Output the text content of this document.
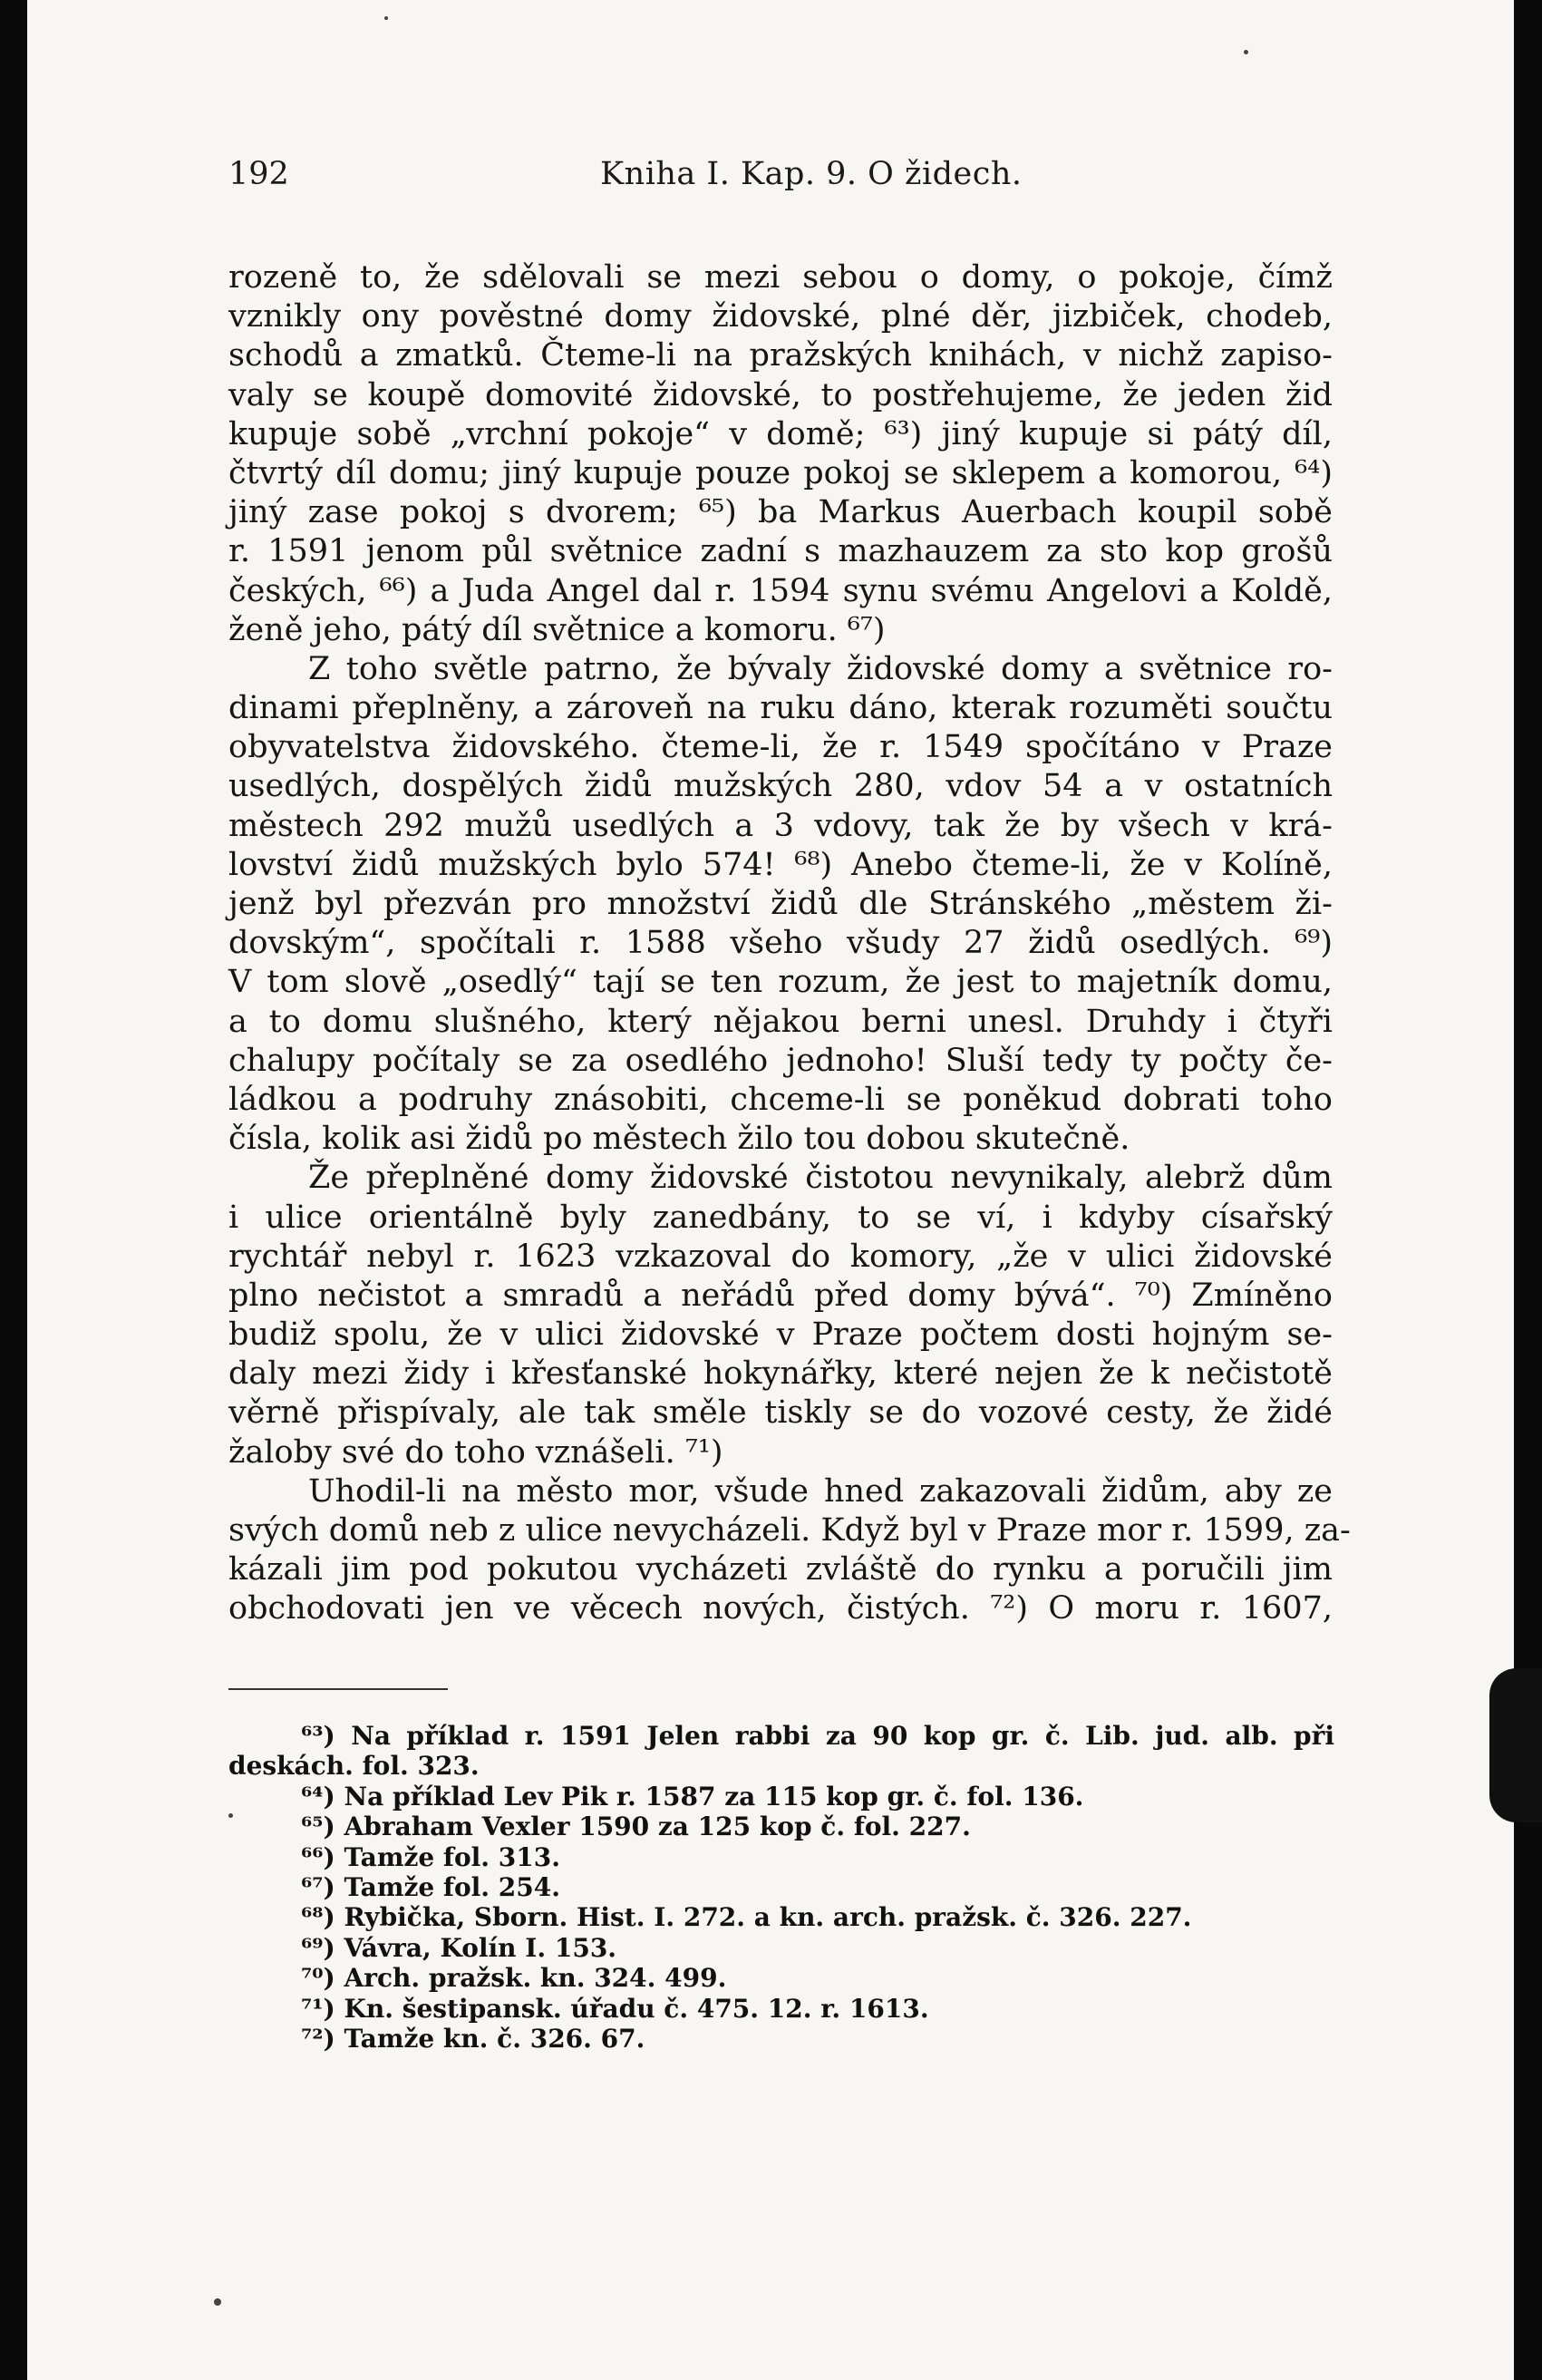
192	Kniha I. Kap. 9. O židech.
rozeně to, že sdělovali se mezi sebou o domy, o pokoje, čímž
vznikly ony pověstné domy židovské, plné děr, jizbiček, chodeb,
schodů a zmatků. Čteme-li na pražských knihách, v nichž zapiso-
valy se koupě domovité židovské, to postřehujeme, že jeden žid
kupuje sobě „vrchní pokoje“ v domě; ⁶³) jiný kupuje si pátý díl,
čtvrtý díl domu; jiný kupuje pouze pokoj se sklepem a komorou, ⁶⁴)
jiný zase pokoj s dvorem; ⁶⁵) ba Markus Auerbach koupil sobě
r. 1591 jenom půl světnice zadní s mazhauzem za sto kop grošů
českých, ⁶⁶) a Juda Angel dal r. 1594 synu svému Angelovi a Koldě,
ženě jeho, pátý díl světnice a komoru. ⁶⁷)
Z toho světle patrno, že bývaly židovské domy a světnice ro-
dinami přeplněny, a zároveň na ruku dáno, kterak rozuměti součtu
obyvatelstva židovského. čteme-li, že r. 1549 spočítáno v Praze
usedlých, dospělých židů mužských 280, vdov 54 a v ostatních
městech 292 mužů usedlých a 3 vdovy, tak že by všech v krá-
lovství židů mužských bylo 574! ⁶⁸) Anebo čteme-li, že v Kolíně,
jenž byl přezván pro množství židů dle Stránského „městem ži-
dovským“, spočítali r. 1588 všeho všudy 27 židů osedlých. ⁶⁹)
V tom slově „osedlý“ tají se ten rozum, že jest to majetník domu,
a to domu slušného, který nějakou berni unesl. Druhdy i čtyři
chalupy počítaly se za osedlého jednoho! Sluší tedy ty počty če-
ládkou a podruhy znásobiti, chceme-li se poněkud dobrati toho
čísla, kolik asi židů po městech žilo tou dobou skutečně.
Že přeplněné domy židovské čistotou nevynikaly, alebrž dům
i ulice orientálně byly zanedbány, to se ví, i kdyby císařský
rychtář nebyl r. 1623 vzkazoval do komory, „že v ulici židovské
plno nečistot a smradů a neřádů před domy bývá“. ⁷⁰) Zmíněno
budiž spolu, že v ulici židovské v Praze počtem dosti hojným se-
daly mezi židy i křesťanské hokynářky, které nejen že k nečistotě
věrně přispívaly, ale tak směle tiskly se do vozové cesty, že židé
žaloby své do toho vznášeli. ⁷¹)
Uhodil-li na město mor, všude hned zakazovali židům, aby ze
svých domů neb z ulice nevycházeli. Když byl v Praze mor r. 1599, za-
kázali jim pod pokutou vycházeti zvláště do rynku a poručili jim
obchodovati jen ve věcech nových, čistých. ⁷²) O moru r. 1607,
⁶³) Na příklad r. 1591 Jelen rabbi za 90 kop gr. č. Lib. jud. alb. při
deskách. fol. 323.
⁶⁴) Na příklad Lev Pik r. 1587 za 115 kop gr. č. fol. 136.
⁶⁵) Abraham Vexler 1590 za 125 kop č. fol. 227.
⁶⁶) Tamže fol. 313.
⁶⁷) Tamže fol. 254.
⁶⁸) Rybička, Sborn. Hist. I. 272. a kn. arch. pražsk. č. 326. 227.
⁶⁹) Vávra, Kolín I. 153.
⁷⁰) Arch. pražsk. kn. 324. 499.
⁷¹) Kn. šestipansk. úřadu č. 475. 12. r. 1613.
⁷²) Tamže kn. č. 326. 67.
